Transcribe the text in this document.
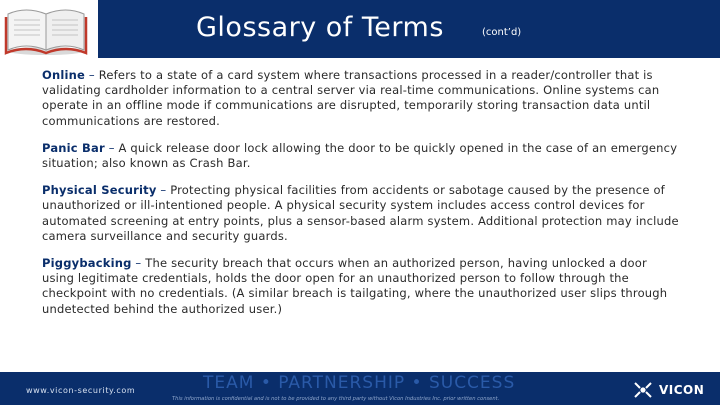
Glossary of Terms	(cont’d)

Online – Refers to a state of a card system where transactions processed in a reader/controller that is validating cardholder information to a central server via real-time communications. Online systems can operate in an offline mode if communications are disrupted, temporarily storing transaction data until communications are restored.

Panic Bar – A quick release door lock allowing the door to be quickly opened in the case of an emergency situation; also known as Crash Bar.

Physical Security – Protecting physical facilities from accidents or sabotage caused by the presence of unauthorized or ill-intentioned people. A physical security system includes access control devices for automated screening at entry points, plus a sensor-based alarm system. Additional protection may include camera surveillance and security guards.

Piggybacking – The security breach that occurs when an authorized person, having unlocked a door using legitimate credentials, holds the door open for an unauthorized person to follow through the checkpoint with no credentials. (A similar breach is tailgating, where the unauthorized user slips through undetected behind the authorized user.)

www.vicon-security.com	TEAM • PARTNERSHIP • SUCCESS
This information is confidential and is not to be provided to any third party without Vicon Industries Inc. prior written consent.
VICON
